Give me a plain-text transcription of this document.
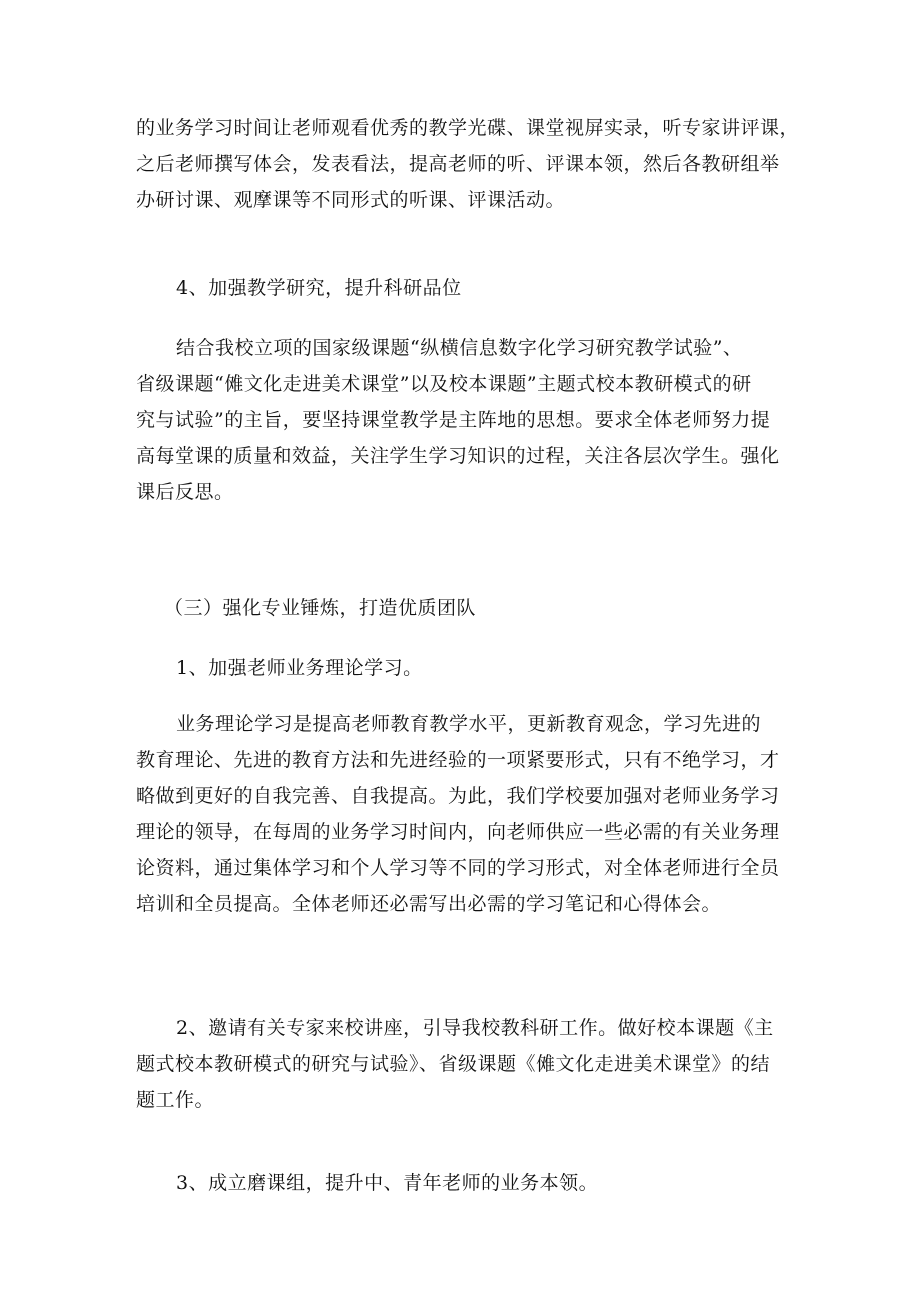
的业务学习时间让老师观看优秀的教学光碟、课堂视屏实录，听专家讲评课，
之后老师撰写体会，发表看法，提高老师的听、评课本领，然后各教研组举
办研讨课、观摩课等不同形式的听课、评课活动。
4、加强教学研究，提升科研品位
结合我校立项的国家级课题“纵横信息数字化学习研究教学试验”、
省级课题“傩文化走进美术课堂”以及校本课题”主题式校本教研模式的研
究与试验”的主旨，要坚持课堂教学是主阵地的思想。要求全体老师努力提
高每堂课的质量和效益，关注学生学习知识的过程，关注各层次学生。强化
课后反思。
（三）强化专业锤炼，打造优质团队
1、加强老师业务理论学习。
业务理论学习是提高老师教育教学水平，更新教育观念，学习先进的
教育理论、先进的教育方法和先进经验的一项紧要形式，只有不绝学习，才
略做到更好的自我完善、自我提高。为此，我们学校要加强对老师业务学习
理论的领导，在每周的业务学习时间内，向老师供应一些必需的有关业务理
论资料，通过集体学习和个人学习等不同的学习形式，对全体老师进行全员
培训和全员提高。全体老师还必需写出必需的学习笔记和心得体会。
2、邀请有关专家来校讲座，引导我校教科研工作。做好校本课题《主
题式校本教研模式的研究与试验》、省级课题《傩文化走进美术课堂》的结
题工作。
3、成立磨课组，提升中、青年老师的业务本领。
